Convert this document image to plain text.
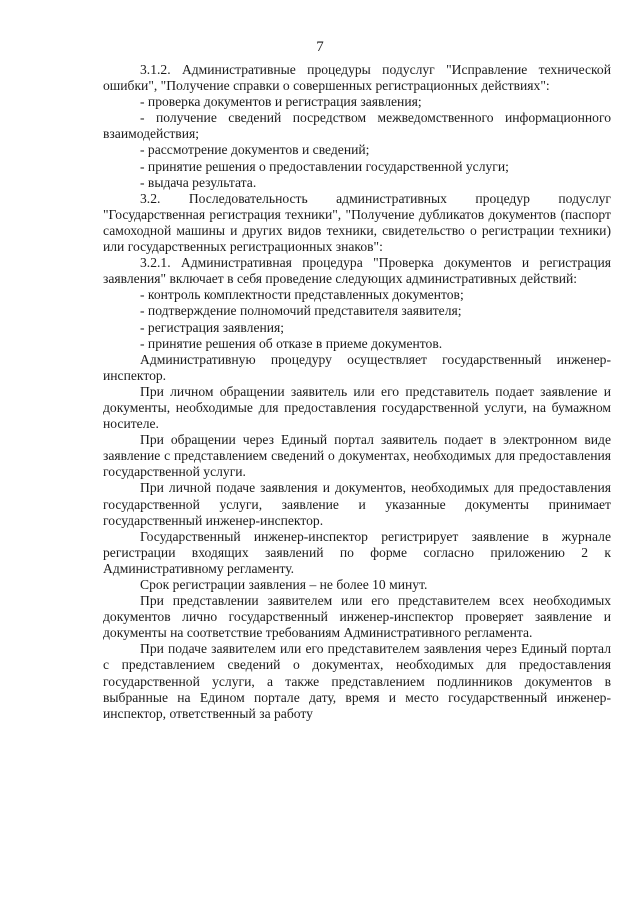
7

3.1.2. Административные процедуры подуслуг "Исправление технической ошибки", "Получение справки о совершенных регистрационных действиях":

- проверка документов и регистрация заявления;

- получение сведений посредством межведомственного информационного взаимодействия;

- рассмотрение документов и сведений;

- принятие решения о предоставлении государственной услуги;

- выдача результата.

3.2. Последовательность административных процедур подуслуг "Государственная регистрация техники", "Получение дубликатов документов (паспорт самоходной машины и других видов техники, свидетельство о регистрации техники) или государственных регистрационных знаков":

3.2.1. Административная процедура "Проверка документов и регистрация заявления" включает в себя проведение следующих административных действий:

- контроль комплектности представленных документов;

- подтверждение полномочий представителя заявителя;

- регистрация заявления;

- принятие решения об отказе в приеме документов.

Административную процедуру осуществляет государственный инженер-инспектор.

При личном обращении заявитель или его представитель подает заявление и документы, необходимые для предоставления государственной услуги, на бумажном носителе.

При обращении через Единый портал заявитель подает в электронном виде заявление с представлением сведений о документах, необходимых для предоставления государственной услуги.

При личной подаче заявления и документов, необходимых для предоставления государственной услуги, заявление и указанные документы принимает государственный инженер-инспектор.

Государственный инженер-инспектор регистрирует заявление в журнале регистрации входящих заявлений по форме согласно приложению 2 к Административному регламенту.

Срок регистрации заявления – не более 10 минут.

При представлении заявителем или его представителем всех необходимых документов лично государственный инженер-инспектор проверяет заявление и документы на соответствие требованиям Административного регламента.

При подаче заявителем или его представителем заявления через Единый портал с представлением сведений о документах, необходимых для предоставления государственной услуги, а также представлением подлинников документов в выбранные на Едином портале дату, время и место государственный инженер-инспектор, ответственный за работу
